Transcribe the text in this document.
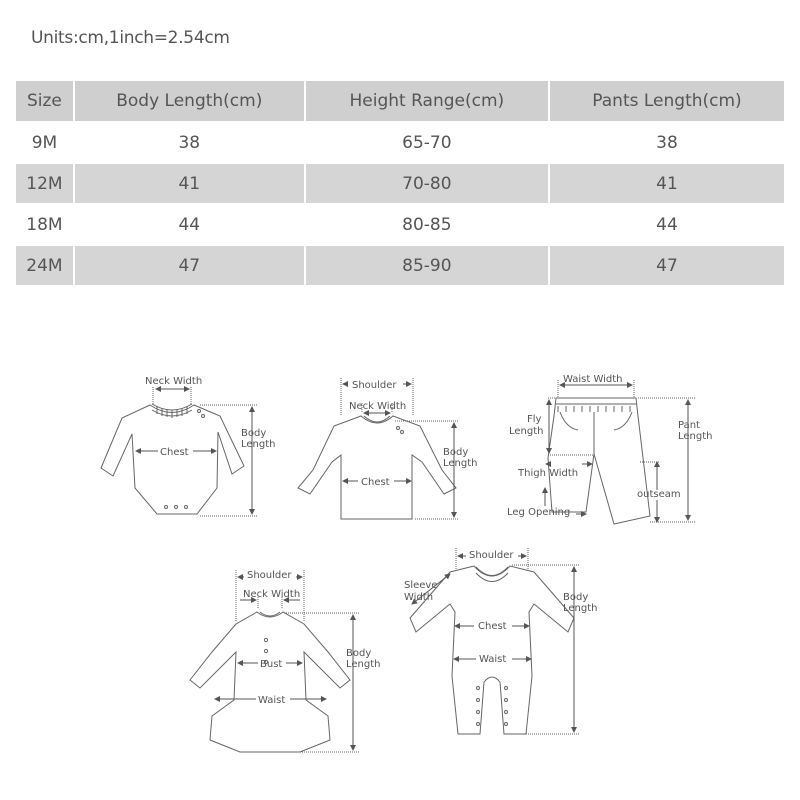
Units:cm,1inch=2.54cm
Size	Body Length(cm)	Height Range(cm)	Pants Length(cm)
9M	38	65-70	38
12M	41	70-80	41
18M	44	80-85	44
24M	47	85-90	47
Neck Width
Chest
Body
Length
Shoulder
Neck Width
Chest
Body
Length
Waist Width
Fly
Length
Pant
Length
Thigh Width
outseam
Leg Opening
Shoulder
Neck Width
Bust
Waist
Body
Length
Shoulder
Sleeve
Width
Chest
Waist
Body
Length
